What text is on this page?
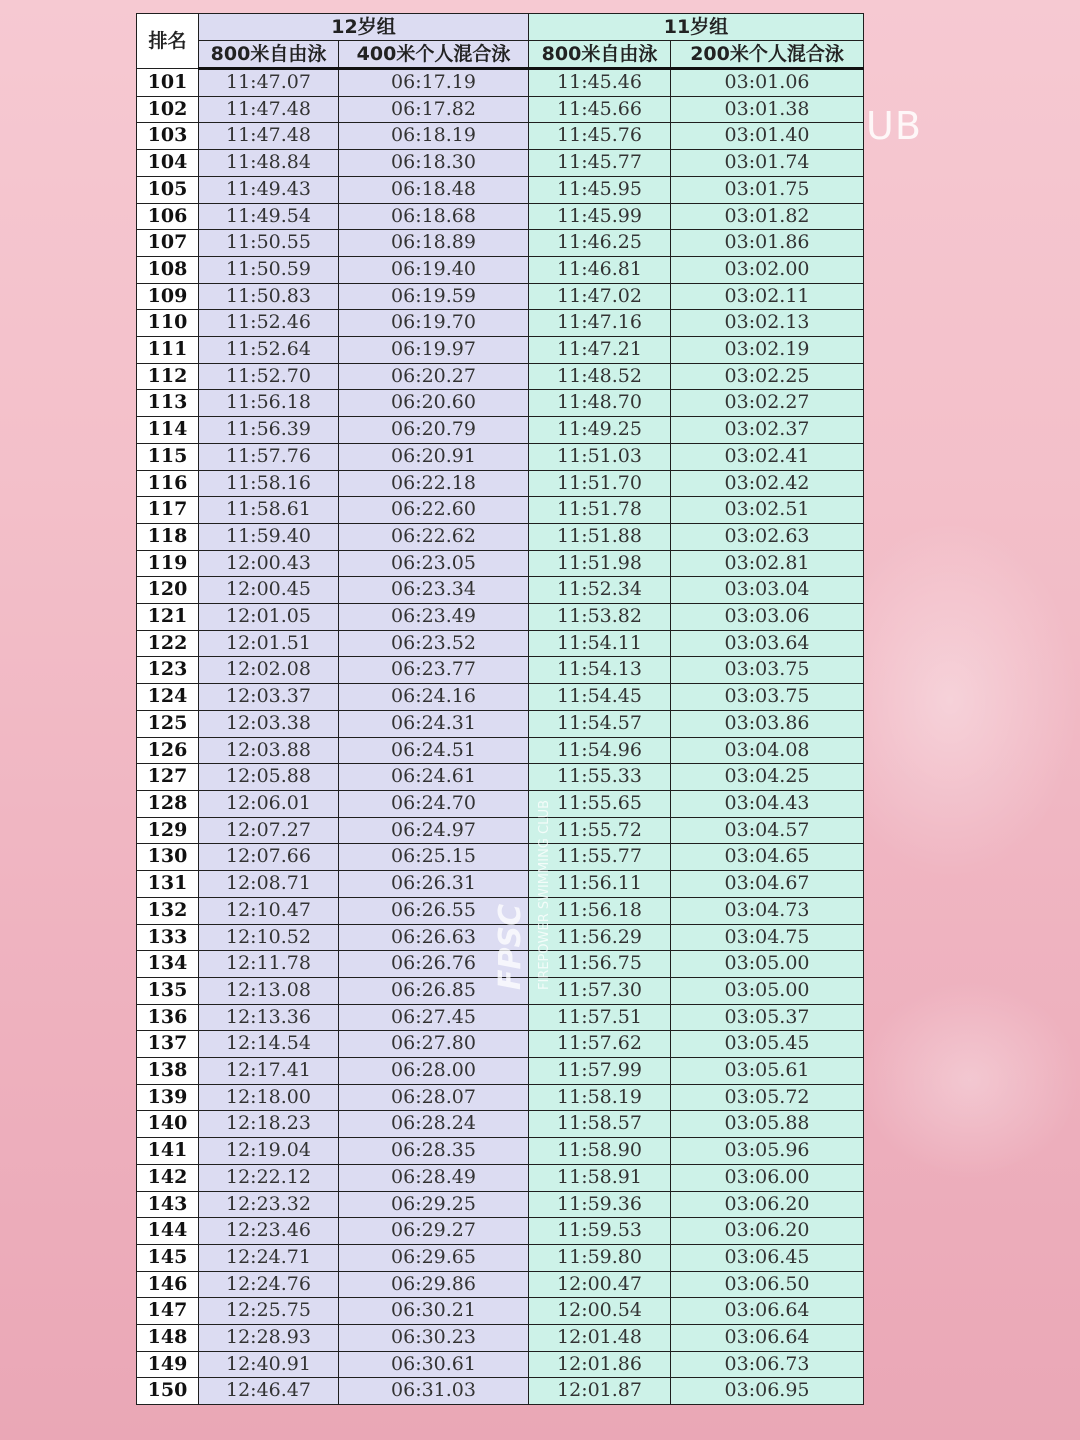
UB
排名	12岁组		11岁组	
	800米自由泳	400米个人混合泳	800米自由泳	200米个人混合泳
101	11:47.07	06:17.19	11:45.46	03:01.06
102	11:47.48	06:17.82	11:45.66	03:01.38
103	11:47.48	06:18.19	11:45.76	03:01.40
104	11:48.84	06:18.30	11:45.77	03:01.74
105	11:49.43	06:18.48	11:45.95	03:01.75
106	11:49.54	06:18.68	11:45.99	03:01.82
107	11:50.55	06:18.89	11:46.25	03:01.86
108	11:50.59	06:19.40	11:46.81	03:02.00
109	11:50.83	06:19.59	11:47.02	03:02.11
110	11:52.46	06:19.70	11:47.16	03:02.13
111	11:52.64	06:19.97	11:47.21	03:02.19
112	11:52.70	06:20.27	11:48.52	03:02.25
113	11:56.18	06:20.60	11:48.70	03:02.27
114	11:56.39	06:20.79	11:49.25	03:02.37
115	11:57.76	06:20.91	11:51.03	03:02.41
116	11:58.16	06:22.18	11:51.70	03:02.42
117	11:58.61	06:22.60	11:51.78	03:02.51
118	11:59.40	06:22.62	11:51.88	03:02.63
119	12:00.43	06:23.05	11:51.98	03:02.81
120	12:00.45	06:23.34	11:52.34	03:03.04
121	12:01.05	06:23.49	11:53.82	03:03.06
122	12:01.51	06:23.52	11:54.11	03:03.64
123	12:02.08	06:23.77	11:54.13	03:03.75
124	12:03.37	06:24.16	11:54.45	03:03.75
125	12:03.38	06:24.31	11:54.57	03:03.86
126	12:03.88	06:24.51	11:54.96	03:04.08
127	12:05.88	06:24.61	11:55.33	03:04.25
128	12:06.01	06:24.70	11:55.65	03:04.43
129	12:07.27	06:24.97	11:55.72	03:04.57
130	12:07.66	06:25.15	11:55.77	03:04.65
131	12:08.71	06:26.31	11:56.11	03:04.67
132	12:10.47	06:26.55	11:56.18	03:04.73
133	12:10.52	06:26.63	11:56.29	03:04.75
134	12:11.78	06:26.76	11:56.75	03:05.00
135	12:13.08	06:26.85	11:57.30	03:05.00
136	12:13.36	06:27.45	11:57.51	03:05.37
137	12:14.54	06:27.80	11:57.62	03:05.45
138	12:17.41	06:28.00	11:57.99	03:05.61
139	12:18.00	06:28.07	11:58.19	03:05.72
140	12:18.23	06:28.24	11:58.57	03:05.88
141	12:19.04	06:28.35	11:58.90	03:05.96
142	12:22.12	06:28.49	11:58.91	03:06.00
143	12:23.32	06:29.25	11:59.36	03:06.20
144	12:23.46	06:29.27	11:59.53	03:06.20
145	12:24.71	06:29.65	11:59.80	03:06.45
146	12:24.76	06:29.86	12:00.47	03:06.50
147	12:25.75	06:30.21	12:00.54	03:06.64
148	12:28.93	06:30.23	12:01.48	03:06.64
149	12:40.91	06:30.61	12:01.86	03:06.73
150	12:46.47	06:31.03	12:01.87	03:06.95
FPSC FIREPOWER SWIMMING CLUB
